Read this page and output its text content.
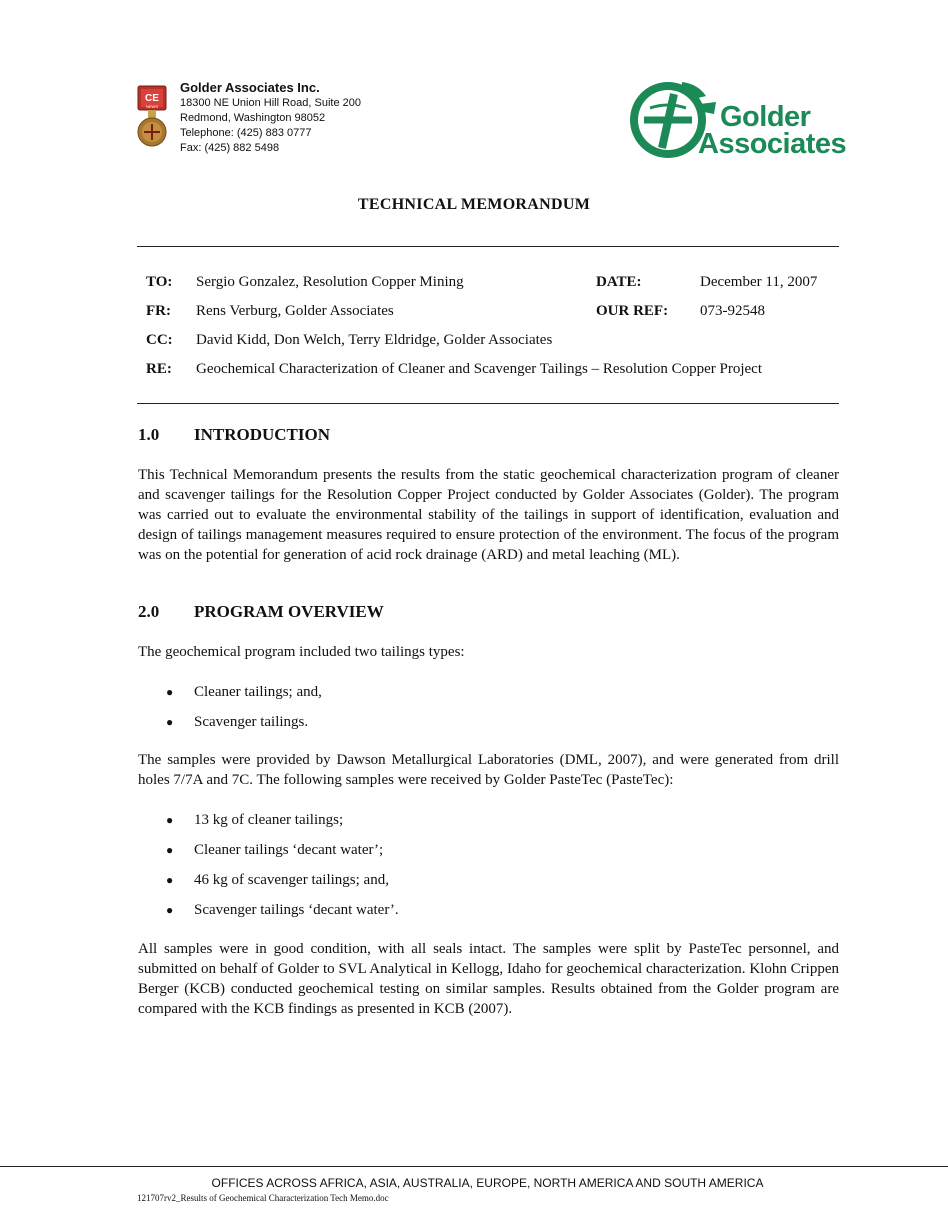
CE
NEWS
Golder Associates Inc.
18300 NE Union Hill Road, Suite 200
Redmond, Washington 98052
Telephone: (425) 883 0777
Fax: (425) 882 5498
Golder
Associates
TECHNICAL MEMORANDUM
TO: Sergio Gonzalez, Resolution Copper Mining	DATE:	December 11, 2007
FR: Rens Verburg, Golder Associates	OUR REF: 073-92548
CC: David Kidd, Don Welch, Terry Eldridge, Golder Associates
RE: Geochemical Characterization of Cleaner and Scavenger Tailings – Resolution Copper Project
1.0 INTRODUCTION
This Technical Memorandum presents the results from the static geochemical characterization program of cleaner and scavenger tailings for the Resolution Copper Project conducted by Golder Associates (Golder). The program was carried out to evaluate the environmental stability of the tailings in support of identification, evaluation and design of tailings management measures required to ensure protection of the environment. The focus of the program was on the potential for generation of acid rock drainage (ARD) and metal leaching (ML).
2.0 PROGRAM OVERVIEW
The geochemical program included two tailings types:
● Cleaner tailings; and,
● Scavenger tailings.
The samples were provided by Dawson Metallurgical Laboratories (DML, 2007), and were generated from drill holes 7/7A and 7C. The following samples were received by Golder PasteTec (PasteTec):
● 13 kg of cleaner tailings;
● Cleaner tailings ‘decant water’;
● 46 kg of scavenger tailings; and,
● Scavenger tailings ‘decant water’.
All samples were in good condition, with all seals intact. The samples were split by PasteTec personnel, and submitted on behalf of Golder to SVL Analytical in Kellogg, Idaho for geochemical characterization. Klohn Crippen Berger (KCB) conducted geochemical testing on similar samples. Results obtained from the Golder program are compared with the KCB findings as presented in KCB (2007).
OFFICES ACROSS AFRICA, ASIA, AUSTRALIA, EUROPE, NORTH AMERICA AND SOUTH AMERICA
121707rv2_Results of Geochemical Characterization Tech Memo.doc
